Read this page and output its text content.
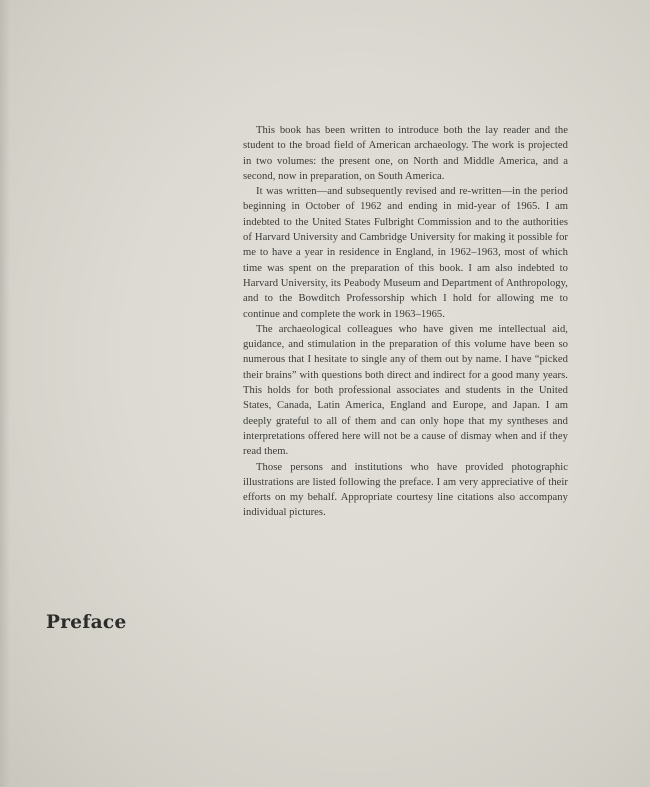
This book has been written to introduce both the lay reader and the student to the broad field of American archaeology. The work is projected in two volumes: the present one, on North and Middle America, and a second, now in preparation, on South America.

It was written—and subsequently revised and re-written—in the period beginning in October of 1962 and ending in mid-year of 1965. I am indebted to the United States Fulbright Commission and to the authorities of Harvard University and Cambridge University for making it possible for me to have a year in residence in England, in 1962–1963, most of which time was spent on the preparation of this book. I am also indebted to Harvard University, its Peabody Museum and Department of Anthropology, and to the Bowditch Professorship which I hold for allowing me to continue and complete the work in 1963–1965.

The archaeological colleagues who have given me intellectual aid, guidance, and stimulation in the preparation of this volume have been so numerous that I hesitate to single any of them out by name. I have “picked their brains” with questions both direct and indirect for a good many years. This holds for both professional associates and students in the United States, Canada, Latin America, England and Europe, and Japan. I am deeply grateful to all of them and can only hope that my syntheses and interpretations offered here will not be a cause of dismay when and if they read them.

Those persons and institutions who have provided photographic illustrations are listed following the preface. I am very appreciative of their efforts on my behalf. Appropriate courtesy line citations also accompany individual pictures.

Preface
